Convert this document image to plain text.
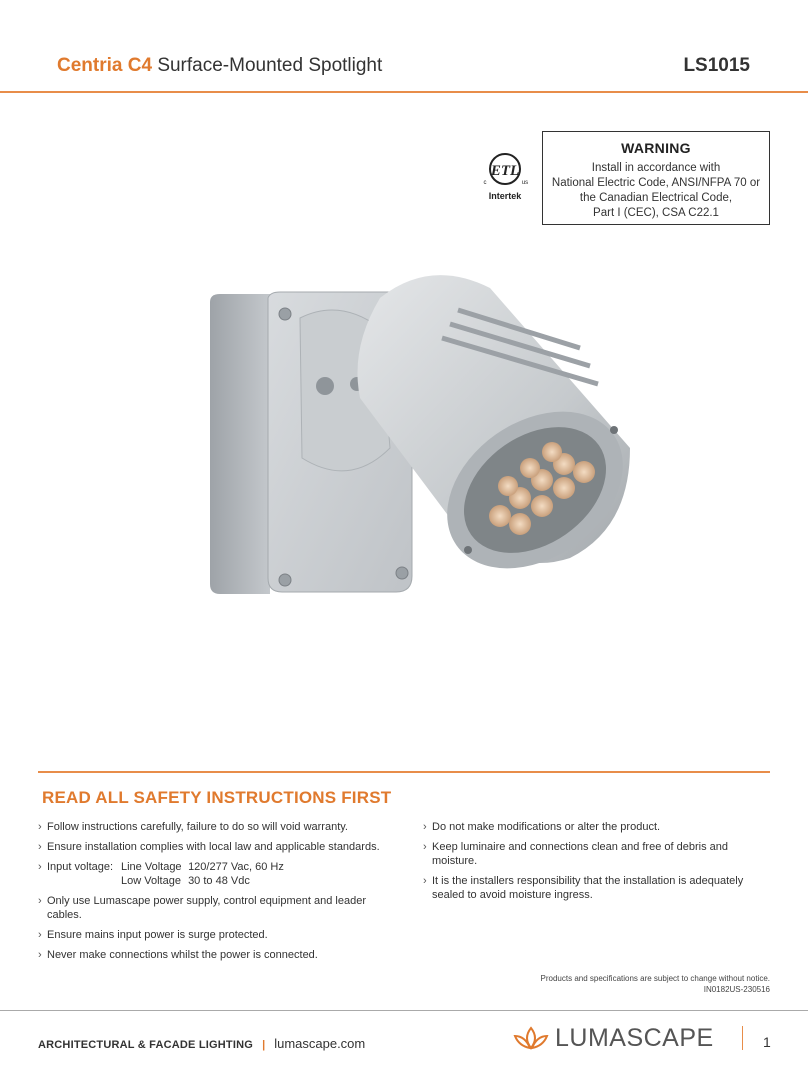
Centria C4 Surface-Mounted Spotlight	LS1015
ETL
c	us
Intertek
WARNING
Install in accordance with
National Electric Code, ANSI/NFPA 70 or
the Canadian Electrical Code,
Part I (CEC), CSA C22.1
READ ALL SAFETY INSTRUCTIONS FIRST
› Follow instructions carefully, failure to do so will void warranty.
› Ensure installation complies with local law and applicable standards.
› Input voltage: Line Voltage 120/277 Vac, 60 Hz
Low Voltage 30 to 48 Vdc
› Only use Lumascape power supply, control equipment and leader cables.
› Ensure mains input power is surge protected.
› Never make connections whilst the power is connected.
› Do not make modifications or alter the product.
› Keep luminaire and connections clean and free of debris and moisture.
› It is the installers responsibility that the installation is adequately sealed to avoid moisture ingress.
Products and specifications are subject to change without notice.
IN0182US-230516
ARCHITECTURAL & FACADE LIGHTING | lumascape.com	LUMASCAPE	1
